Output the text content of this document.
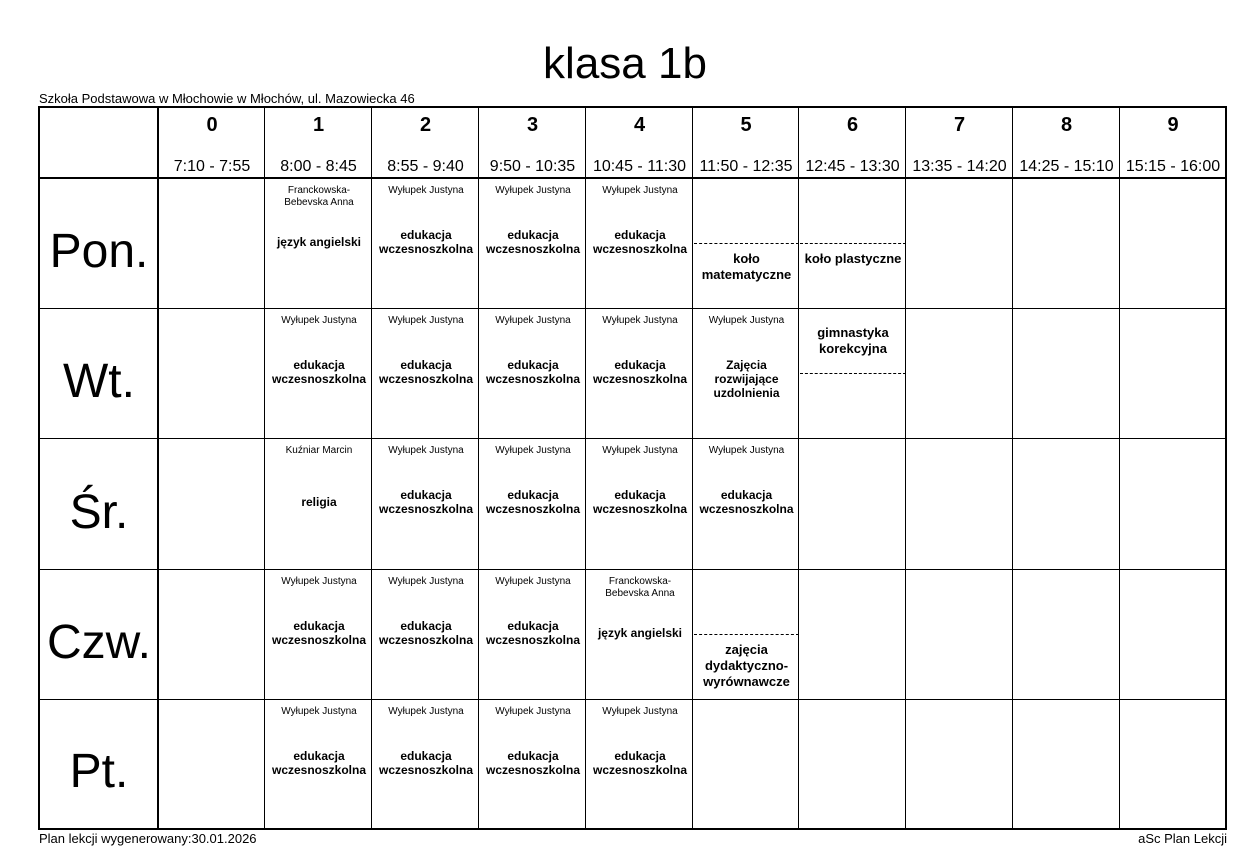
klasa 1b
Szkoła Podstawowa w Młochowie w Młochów, ul. Mazowiecka 46
0
7:10 - 7:55
1
8:00 - 8:45
2
8:55 - 9:40
3
9:50 - 10:35
4
10:45 - 11:30
5
11:50 - 12:35
6
12:45 - 13:30
7
13:35 - 14:20
8
14:25 - 15:10
9
15:15 - 16:00
Pon.
Franckowska-Bebevska Anna
język angielski
Wyłupek Justyna
edukacja wczesnoszkolna
Wyłupek Justyna
edukacja wczesnoszkolna
Wyłupek Justyna
edukacja wczesnoszkolna
koło matematyczne
koło plastyczne
Wt.
Wyłupek Justyna
edukacja wczesnoszkolna
Wyłupek Justyna
edukacja wczesnoszkolna
Wyłupek Justyna
edukacja wczesnoszkolna
Wyłupek Justyna
edukacja wczesnoszkolna
Wyłupek Justyna
Zajęcia rozwijające uzdolnienia
gimnastyka korekcyjna
Śr.
Kuźniar Marcin
religia
Wyłupek Justyna
edukacja wczesnoszkolna
Wyłupek Justyna
edukacja wczesnoszkolna
Wyłupek Justyna
edukacja wczesnoszkolna
Wyłupek Justyna
edukacja wczesnoszkolna
Czw.
Wyłupek Justyna
edukacja wczesnoszkolna
Wyłupek Justyna
edukacja wczesnoszkolna
Wyłupek Justyna
edukacja wczesnoszkolna
Franckowska-Bebevska Anna
język angielski
zajęcia dydaktyczno-wyrównawcze
Pt.
Wyłupek Justyna
edukacja wczesnoszkolna
Wyłupek Justyna
edukacja wczesnoszkolna
Wyłupek Justyna
edukacja wczesnoszkolna
Wyłupek Justyna
edukacja wczesnoszkolna
Plan lekcji wygenerowany:30.01.2026	aSc Plan Lekcji
